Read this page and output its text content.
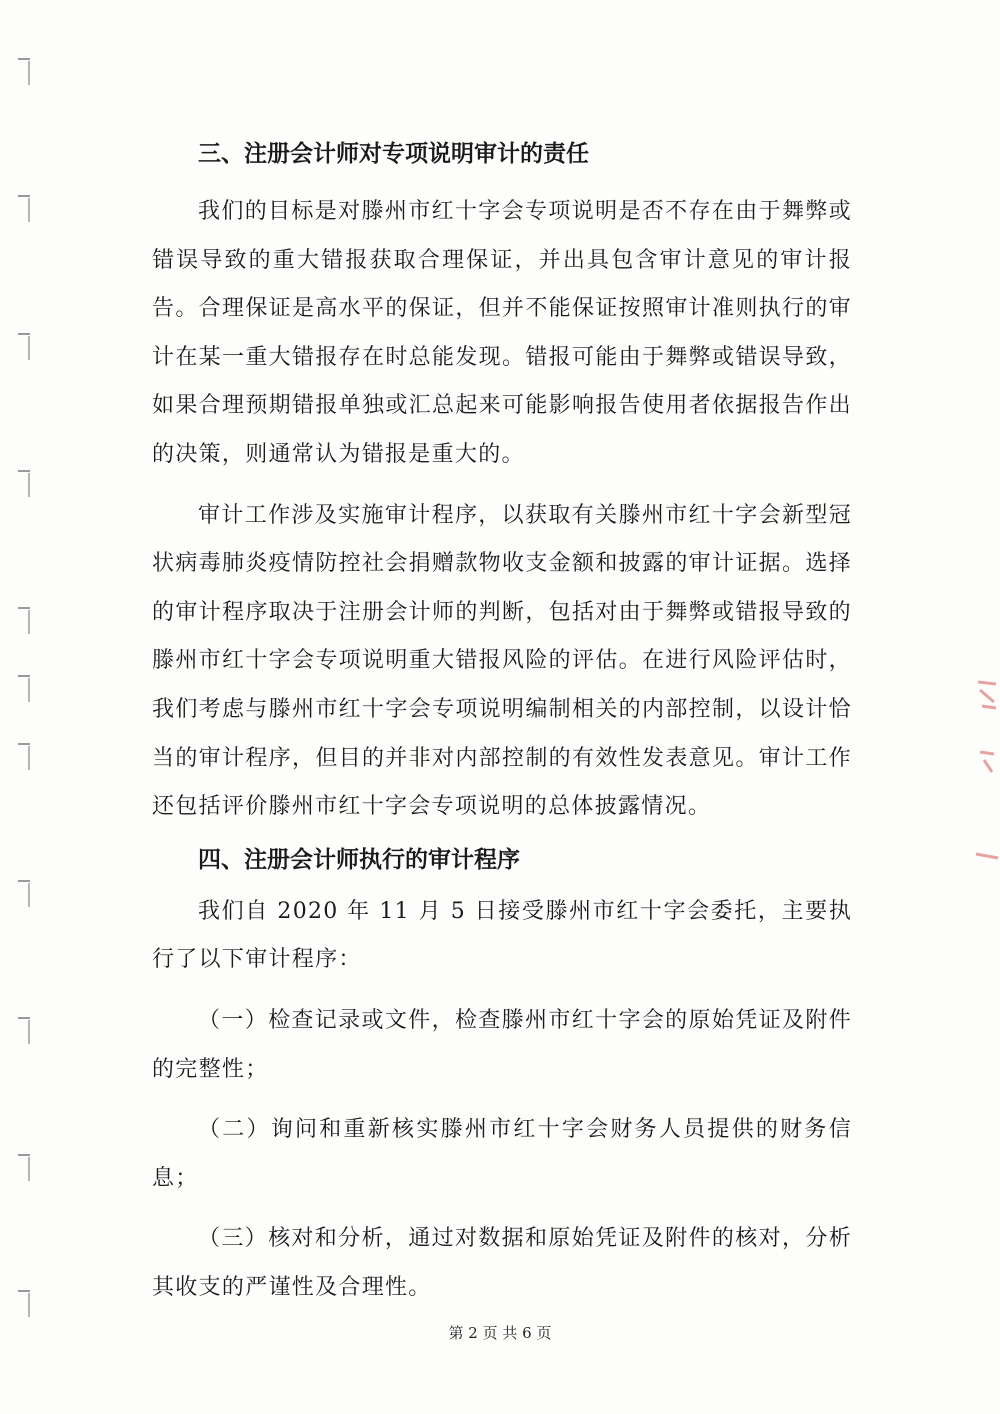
三、注册会计师对专项说明审计的责任

我们的目标是对滕州市红十字会专项说明是否不存在由于舞弊或错误导致的重大错报获取合理保证，并出具包含审计意见的审计报告。合理保证是高水平的保证，但并不能保证按照审计准则执行的审计在某一重大错报存在时总能发现。错报可能由于舞弊或错误导致，如果合理预期错报单独或汇总起来可能影响报告使用者依据报告作出的决策，则通常认为错报是重大的。

审计工作涉及实施审计程序，以获取有关滕州市红十字会新型冠状病毒肺炎疫情防控社会捐赠款物收支金额和披露的审计证据。选择的审计程序取决于注册会计师的判断，包括对由于舞弊或错报导致的滕州市红十字会专项说明重大错报风险的评估。在进行风险评估时，我们考虑与滕州市红十字会专项说明编制相关的内部控制，以设计恰当的审计程序，但目的并非对内部控制的有效性发表意见。审计工作还包括评价滕州市红十字会专项说明的总体披露情况。

四、注册会计师执行的审计程序

我们自 2020 年 11 月 5 日接受滕州市红十字会委托，主要执行了以下审计程序：

（一）检查记录或文件，检查滕州市红十字会的原始凭证及附件的完整性；

（二）询问和重新核实滕州市红十字会财务人员提供的财务信息；

（三）核对和分析，通过对数据和原始凭证及附件的核对，分析其收支的严谨性及合理性。

第 2 页 共 6 页
